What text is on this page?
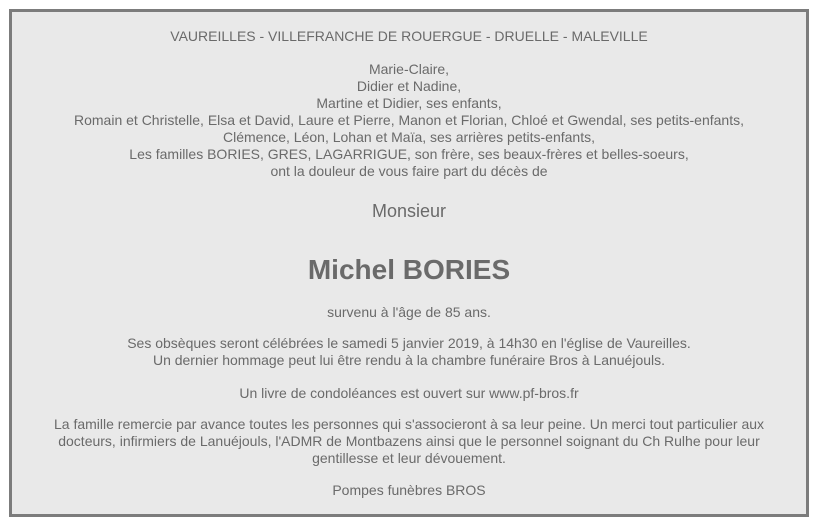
VAUREILLES - VILLEFRANCHE DE ROUERGUE - DRUELLE - MALEVILLE
Marie-Claire,
Didier et Nadine,
Martine et Didier, ses enfants,
Romain et Christelle, Elsa et David, Laure et Pierre, Manon et Florian, Chloé et Gwendal, ses petits-enfants,
Clémence, Léon, Lohan et Maïa, ses arrières petits-enfants,
Les familles BORIES, GRES, LAGARRIGUE, son frère, ses beaux-frères et belles-soeurs,
ont la douleur de vous faire part du décès de
Monsieur
Michel BORIES
survenu à l'âge de 85 ans.
Ses obsèques seront célébrées le samedi 5 janvier 2019, à 14h30 en l'église de Vaureilles.
Un dernier hommage peut lui être rendu à la chambre funéraire Bros à Lanuéjouls.
Un livre de condoléances est ouvert sur www.pf-bros.fr
La famille remercie par avance toutes les personnes qui s'associeront à sa leur peine. Un merci tout particulier aux
docteurs, infirmiers de Lanuéjouls, l'ADMR de Montbazens ainsi que le personnel soignant du Ch Rulhe pour leur
gentillesse et leur dévouement.
Pompes funèbres BROS
